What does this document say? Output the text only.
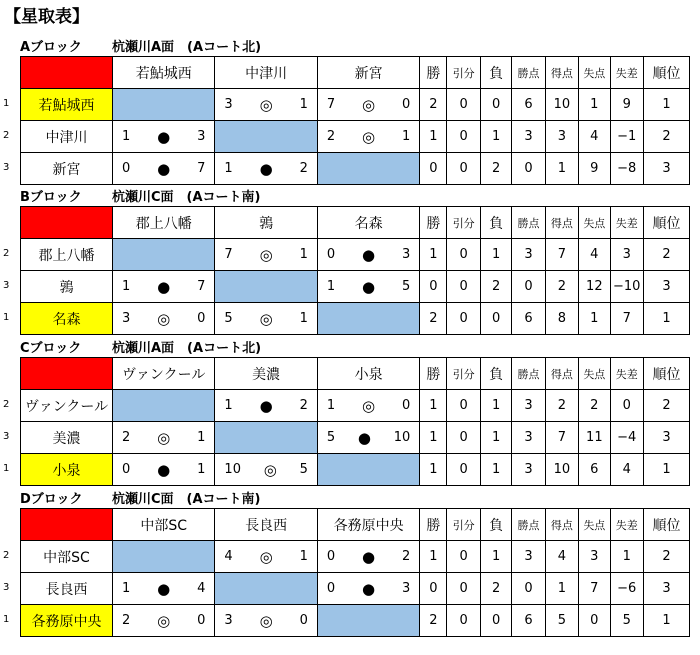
【星取表】
Aブロック 杭瀬川A面　(Aコート北)
1
2
3
	若鮎城西	中津川	新宮	勝	引分	負	勝点	得点	失点	失差	順位
若鮎城西		3 ◎ 1	7 ◎ 0	2	0	0	6	10	1	9	1
中津川	1 ● 3		2 ◎ 1	1	0	1	3	3	4	−1	2
新宮	0 ● 7	1 ● 2		0	0	2	0	1	9	−8	3
Bブロック 杭瀬川C面　(Aコート南)
2
3
1
	郡上八幡	鶉	名森	勝	引分	負	勝点	得点	失点	失差	順位
郡上八幡		7 ◎ 1	0 ● 3	1	0	1	3	7	4	3	2
鶉	1 ● 7		1 ● 5	0	0	2	0	2	12	−10	3
名森	3 ◎ 0	5 ◎ 1		2	0	0	6	8	1	7	1
Cブロック 杭瀬川A面　(Aコート北)
2
3
1
	ヴァンクール	美濃	小泉	勝	引分	負	勝点	得点	失点	失差	順位
ヴァンクール		1 ● 2	1 ◎ 0	1	0	1	3	2	2	0	2
美濃	2 ◎ 1		5 ● 10	1	0	1	3	7	11	−4	3
小泉	0 ● 1	10 ◎ 5		1	0	1	3	10	6	4	1
Dブロック 杭瀬川C面　(Aコート南)
2
3
1
	中部SC	長良西	各務原中央	勝	引分	負	勝点	得点	失点	失差	順位
中部SC		4 ◎ 1	0 ● 2	1	0	1	3	4	3	1	2
長良西	1 ● 4		0 ● 3	0	0	2	0	1	7	−6	3
各務原中央	2 ◎ 0	3 ◎ 0		2	0	0	6	5	0	5	1
